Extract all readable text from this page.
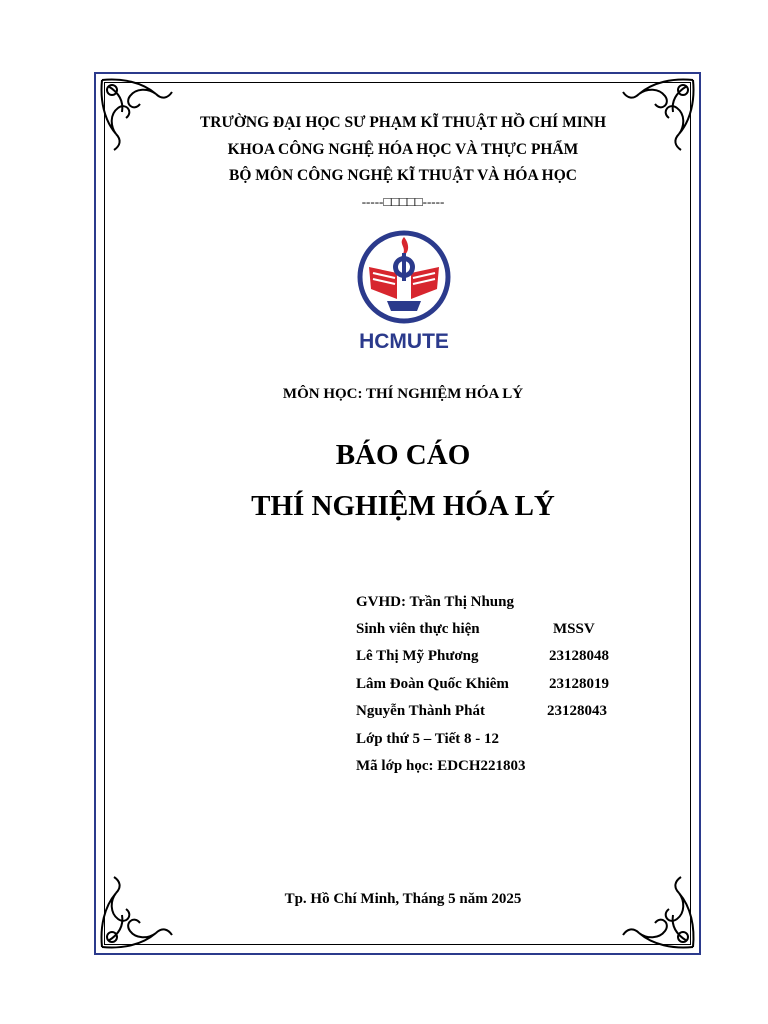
TRƯỜNG ĐẠI HỌC SƯ PHẠM KĨ THUẬT HỒ CHÍ MINH
KHOA CÔNG NGHỆ HÓA HỌC VÀ THỰC PHẨM
BỘ MÔN CÔNG NGHỆ KĨ THUẬT VÀ HÓA HỌC
-----□□□□□-----
HCMUTE
MÔN HỌC: THÍ NGHIỆM HÓA LÝ
BÁO CÁO
THÍ NGHIỆM HÓA LÝ
GVHD: Trần Thị Nhung
Sinh viên thực hiện	MSSV
Lê Thị Mỹ Phương	23128048
Lâm Đoàn Quốc Khiêm	23128019
Nguyễn Thành Phát	23128043
Lớp thứ 5 – Tiết 8 - 12
Mã lớp học: EDCH221803
Tp. Hồ Chí Minh, Tháng 5 năm 2025
